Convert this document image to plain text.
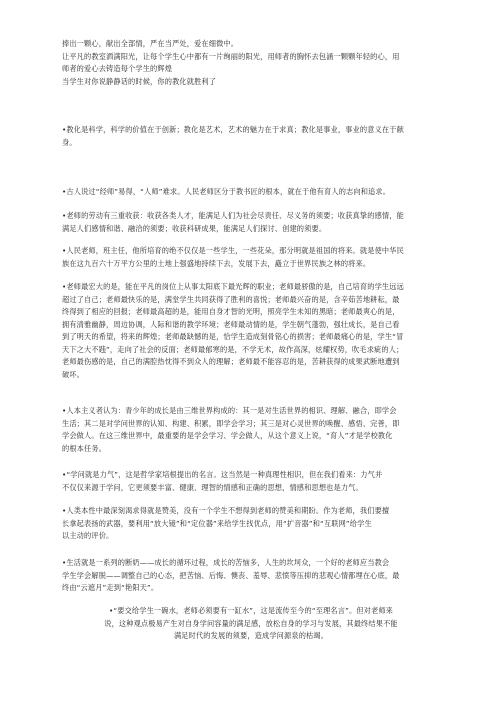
捧出一颗心，献出全部情，严在当严处，爱在细微中。
让平凡的教室洒满阳光，让每个学生心中都有一片绚丽的阳光，用师者的胸怀去包涵一颗颗年轻的心，用
师者的爱心去铸造每个学生的辉煌
当学生对你说静静话的时候，你的教化就胜利了
•教化是科学，科学的价值在于创新；教化是艺术，艺术的魅力在于求真；教化是事业，事业的意义在于献
身。
•古人说过“经师”易得，“人师”难求。人民老师区分于教书匠的根本，就在于他有育人的志向和追求。
•老师的劳动有三重收获：收获各类人才，能满足人们为社会尽责任、尽义务的须要；收获真挚的感情，能
满足人们感情和谐、融洽的须要；收获科研成果，能满足人们探讨、创建的须要。
•人民老师，班主任，他所培育的绝不仅仅是一些学生，一些花朵，那分明就是祖国的将来。就是使中华民
族在这九百六十万平方公里的土地上强盛地持续下去，发展下去，矗立于世界民族之林的将来。
•老师最宏大的是，能在平凡的岗位上从事太阳底下最光辉的职业；老师最骄傲的是，自己培育的学生远远
超过了自己；老师最快乐的是，满堂学生共同获得了胜利的喜悦；老师最兴奋的是，含辛茹苦地耕耘，最
终得到了相应的回报；老师最高超的是，能用自身才智的光明，照亮学生未知的黑暗；老师最爽心的是，
拥有清雅幽静，周边协调，人际和谐的教学环境；老师最动情的是，学生朝气蓬勃，强壮成长，是自己看
到了明天的希望，将来的辉煌；老师最缺憾的是，恰学生造成刻骨铭心的损害；老师最痛心的是，学生“冒
天下之大不韪”，走向了社会的反面；老师最郁寒的是，不学无术，故作高深，炫耀权势，吹毛求疵的人；
老师最伤感的是，自己的满腔热忱得不到众人的理解；老师最不能容忍的是，苦耕获得的成果武断地遭到
破坏。
•人本主义者认为：青少年的成长是由三维世界构成的：其一是对生活世界的相识、理解、融合，即学会
生活；其二是对学问世界的认知、构建、积累，即学会学习；其三是对心灵世界的唤醒、感悟、完善，即
学会做人。在这三维世界中，最重要的是学会学习、学会做人，从这个意义上说，“育人”才是学校教化
的根本任务。
•“学问就是力气”，这是哲学家培根提出的名言。这当然是一种真理性相识，但在我们看来：力气并
不仅仅来源于学问，它更须要丰富、健康、理智的情感和正确的思想，情感和思想也是力气。
•人类本性中最深刻渴求得就是赞美，没有一个学生不想得到老师的赞美和期盼。作为老师，我们要擅
长拿起表扬的武器，要利用“放大镜”和“定位器”来给学生找优点，用“扩音器”和“互联网”给学生
以主动的评价。
•生活就是一系列的断奶——成长的循环过程，成长的苦恼多，人生的坎坷众，一个好的老师应当教会
学生学会解脱——调整自己的心态，把苦恼、后悔、懊丧、羞辱、悲愤等压抑的悲观心情都埋在心底，最
终由“云遮月”走到“艳阳天”。
•“要交给学生一碗水，老师必须要有一缸水”，这是流传至今的“至理名言”。但对老师来
说，这种观点极易产生对自身学问容量的满足感，放松自身的学习与发展，其最终结果不能
满足时代的发展的须要，造成学问源泉的枯竭。
